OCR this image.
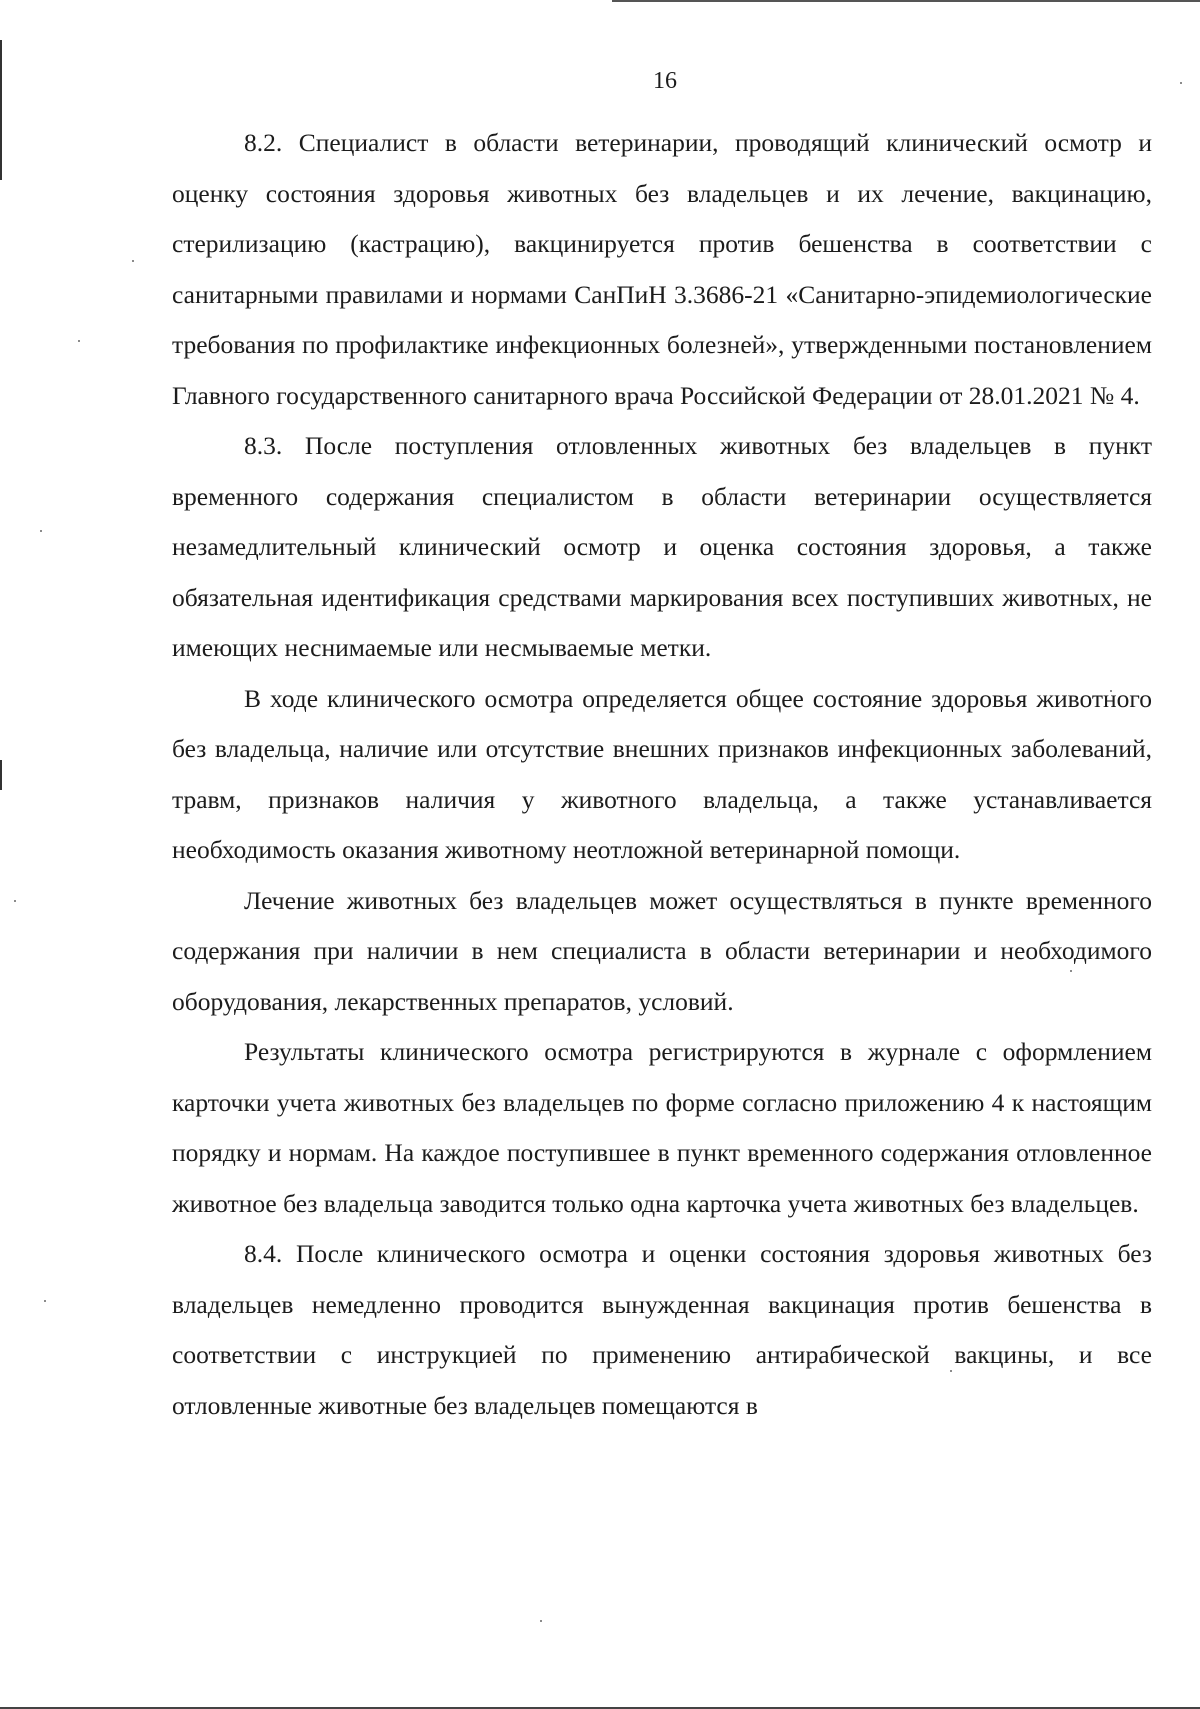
16

8.2. Специалист в области ветеринарии, проводящий клинический осмотр и оценку состояния здоровья животных без владельцев и их лечение, вакцинацию, стерилизацию (кастрацию), вакцинируется против бешенства в соответствии с санитарными правилами и нормами СанПиН 3.3686-21 «Санитарно-эпидемиологические требования по профилактике инфекционных болезней», утвержденными постановлением Главного государственного санитарного врача Российской Федерации от 28.01.2021 № 4.

8.3. После поступления отловленных животных без владельцев в пункт временного содержания специалистом в области ветеринарии осуществляется незамедлительный клинический осмотр и оценка состояния здоровья, а также обязательная идентификация средствами маркирования всех поступивших животных, не имеющих неснимаемые или несмываемые метки.

В ходе клинического осмотра определяется общее состояние здоровья животного без владельца, наличие или отсутствие внешних признаков инфекционных заболеваний, травм, признаков наличия у животного владельца, а также устанавливается необходимость оказания животному неотложной ветеринарной помощи.

Лечение животных без владельцев может осуществляться в пункте временного содержания при наличии в нем специалиста в области ветеринарии и необходимого оборудования, лекарственных препаратов, условий.

Результаты клинического осмотра регистрируются в журнале с оформлением карточки учета животных без владельцев по форме согласно приложению 4 к настоящим порядку и нормам. На каждое поступившее в пункт временного содержания отловленное животное без владельца заводится только одна карточка учета животных без владельцев.

8.4. После клинического осмотра и оценки состояния здоровья животных без владельцев немедленно проводится вынужденная вакцинация против бешенства в соответствии с инструкцией по применению антирабической вакцины, и все отловленные животные без владельцев помещаются в
